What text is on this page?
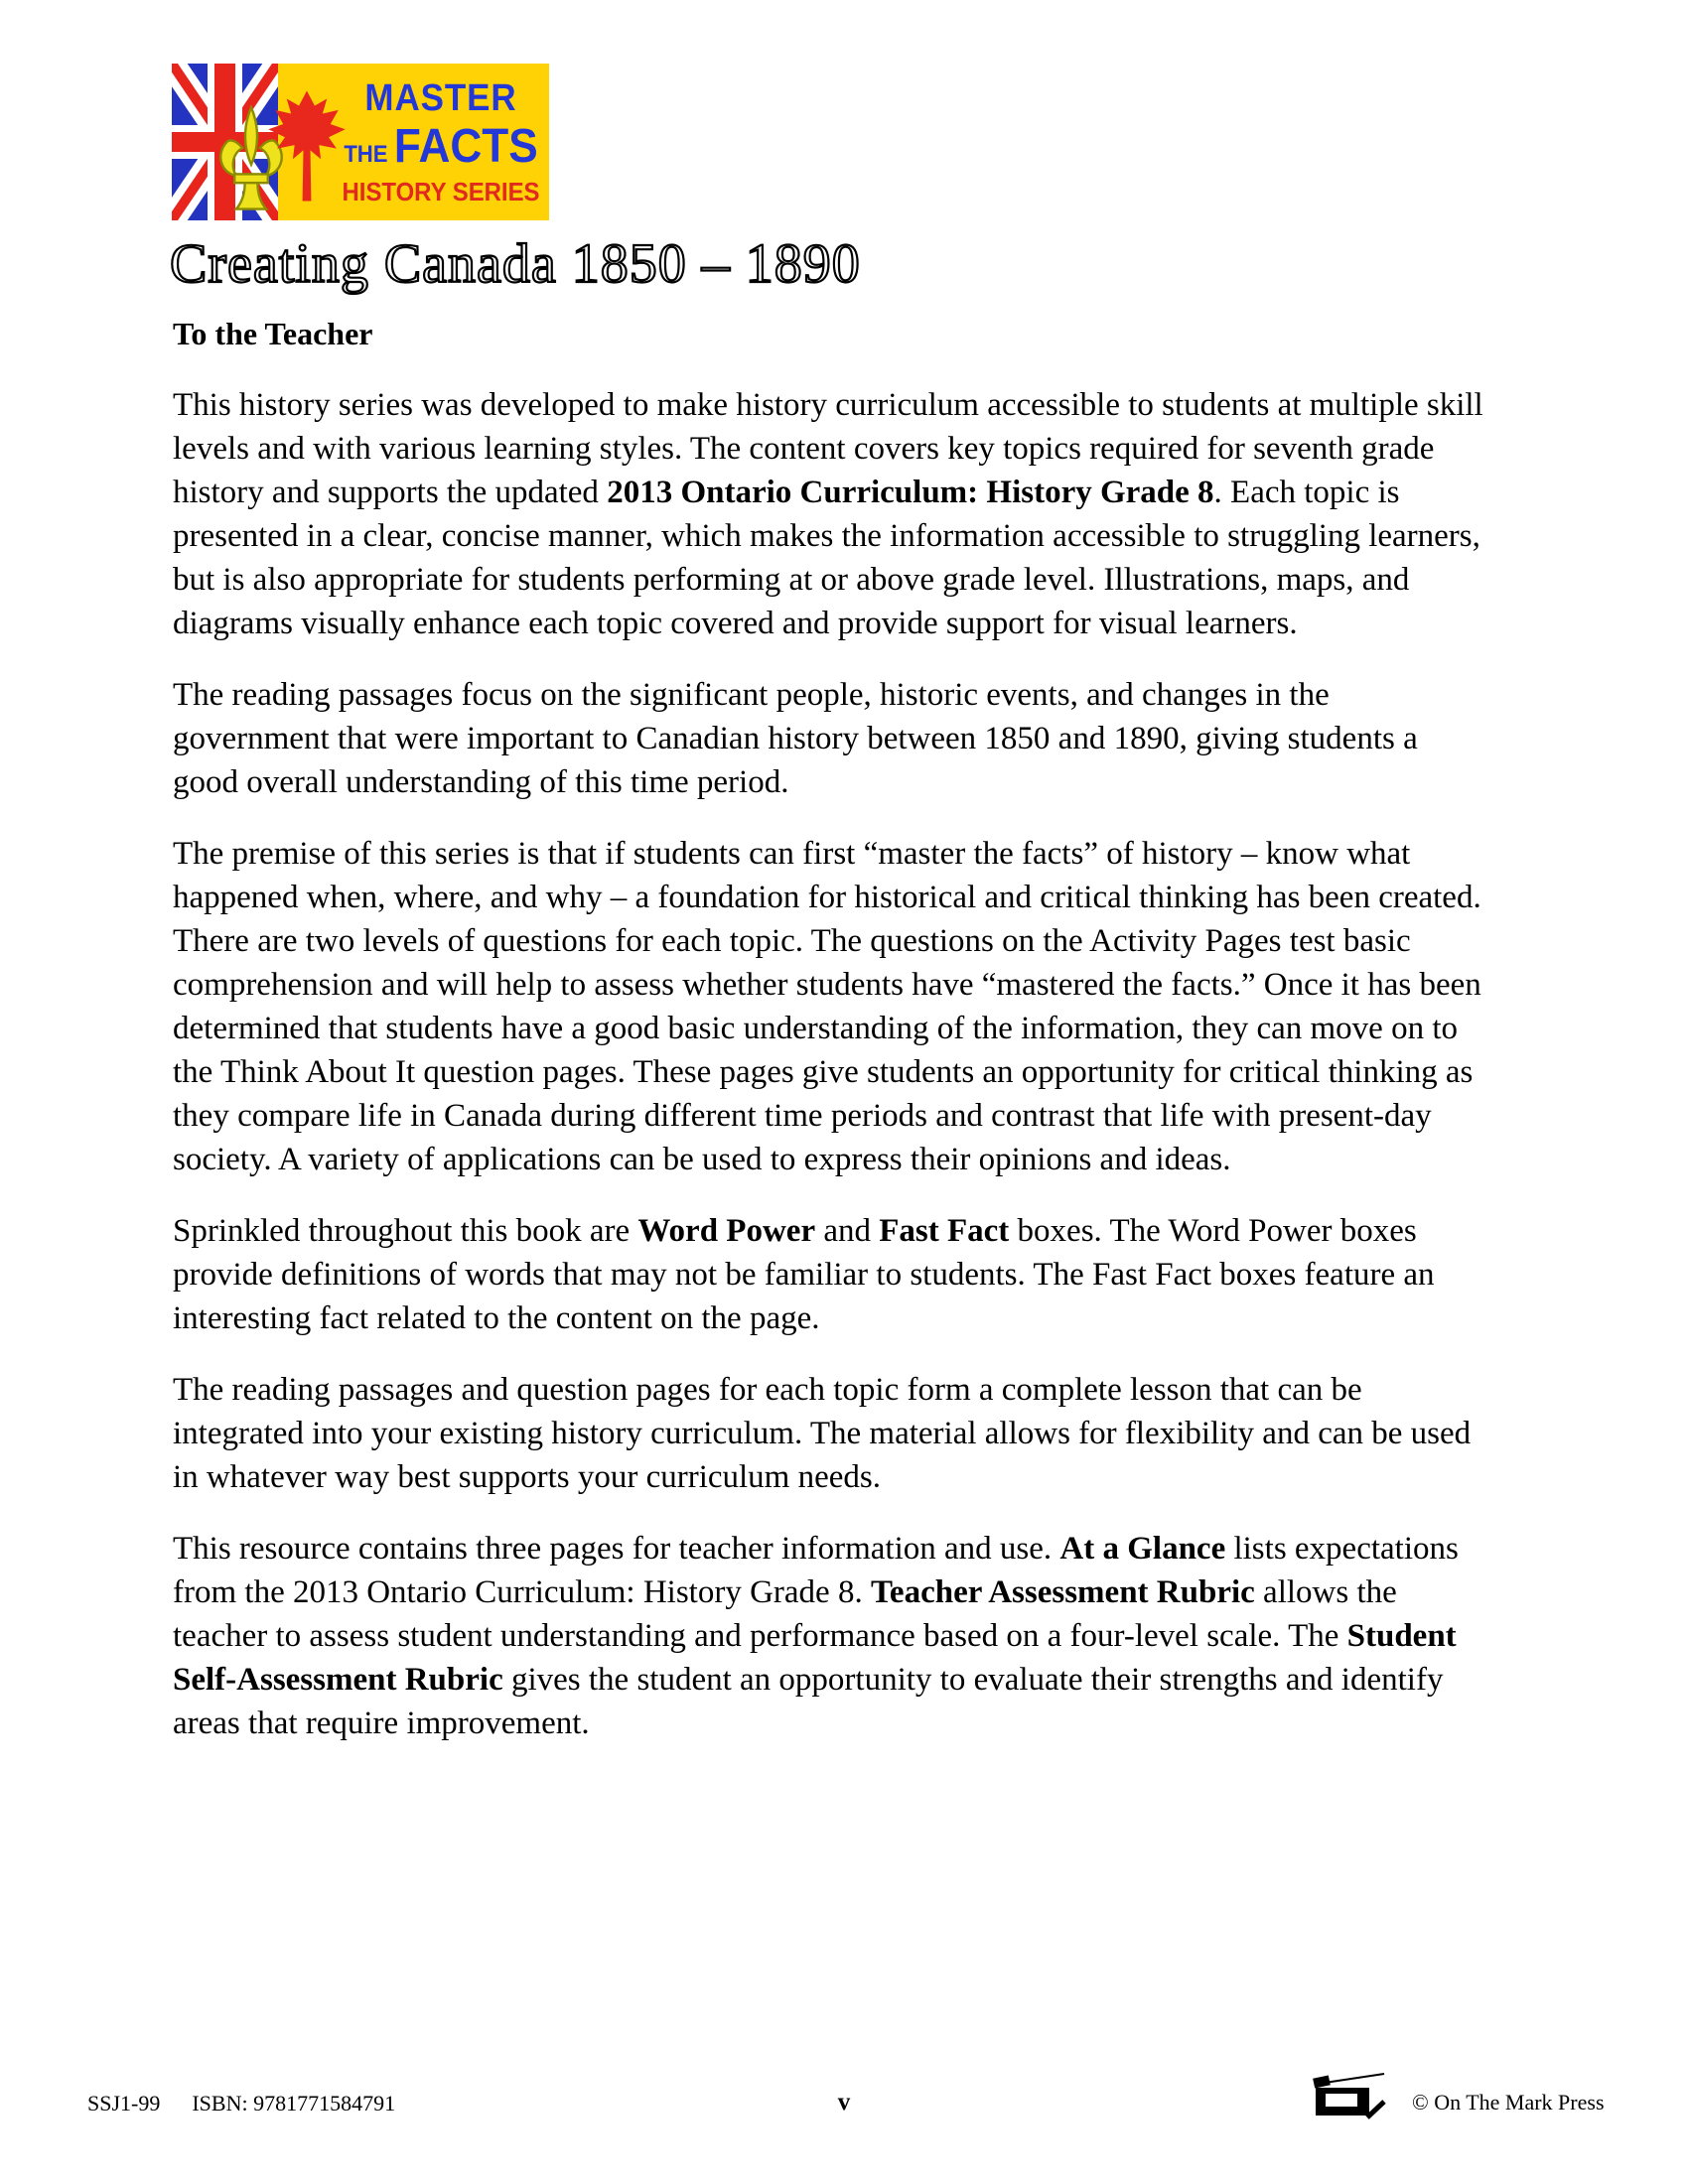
MASTER
THE FACTS
HISTORY SERIES
Creating Canada 1850 – 1890
To the Teacher

This history series was developed to make history curriculum accessible to students at multiple skill levels and with various learning styles. The content covers key topics required for seventh grade history and supports the updated 2013 Ontario Curriculum: History Grade 8. Each topic is presented in a clear, concise manner, which makes the information accessible to struggling learners, but is also appropriate for students performing at or above grade level. Illustrations, maps, and diagrams visually enhance each topic covered and provide support for visual learners.

The reading passages focus on the significant people, historic events, and changes in the government that were important to Canadian history between 1850 and 1890, giving students a good overall understanding of this time period.

The premise of this series is that if students can first “master the facts” of history – know what happened when, where, and why – a foundation for historical and critical thinking has been created. There are two levels of questions for each topic. The questions on the Activity Pages test basic comprehension and will help to assess whether students have “mastered the facts.” Once it has been determined that students have a good basic understanding of the information, they can move on to the Think About It question pages. These pages give students an opportunity for critical thinking as they compare life in Canada during different time periods and contrast that life with present-day society. A variety of applications can be used to express their opinions and ideas.

Sprinkled throughout this book are Word Power and Fast Fact boxes. The Word Power boxes provide definitions of words that may not be familiar to students. The Fast Fact boxes feature an interesting fact related to the content on the page.

The reading passages and question pages for each topic form a complete lesson that can be integrated into your existing history curriculum. The material allows for flexibility and can be used in whatever way best supports your curriculum needs.

This resource contains three pages for teacher information and use. At a Glance lists expectations from the 2013 Ontario Curriculum: History Grade 8. Teacher Assessment Rubric allows the teacher to assess student understanding and performance based on a four-level scale. The Student Self-Assessment Rubric gives the student an opportunity to evaluate their strengths and identify areas that require improvement.

SSJ1-99 ISBN: 9781771584791	v	© On The Mark Press
